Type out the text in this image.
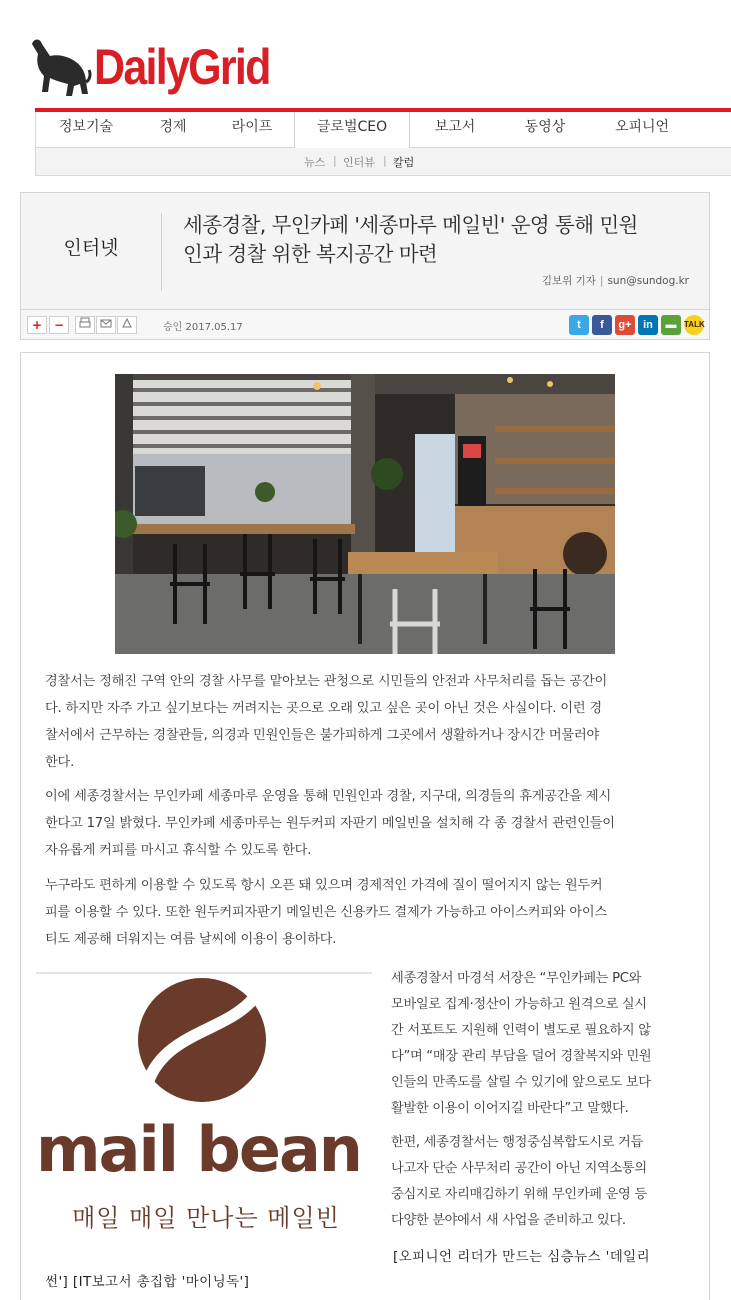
DailyGrid
정보기술	경제	라이프	글로벌CEO	보고서	동영상	오피니언
뉴스 | 인터뷰 | 칼럼
인터넷
세종경찰, 무인카페 '세종마루 메일빈' 운영 통해 민원
인과 경찰 위한 복지공간 마련
김보위 기자 | sun@sundog.kr
+ −	승인 2017.05.17	t	f	g+	in	▬ TALK
경찰서는 정해진 구역 안의 경찰 사무를 맡아보는 관청으로 시민들의 안전과 사무처리를 돕는 공간이
다. 하지만 자주 가고 싶기보다는 꺼려지는 곳으로 오래 있고 싶은 곳이 아닌 것은 사실이다. 이런 경
찰서에서 근무하는 경찰관들, 의경과 민원인들은 불가피하게 그곳에서 생활하거나 장시간 머물러야
한다.
이에 세종경찰서는 무인카페 세종마루 운영을 통해 민원인과 경찰, 지구대, 의경들의 휴게공간을 제시
한다고 17일 밝혔다. 무인카페 세종마루는 원두커피 자판기 메일빈을 설치해 각 종 경찰서 관련인들이
자유롭게 커피를 마시고 휴식할 수 있도록 한다.
누구라도 편하게 이용할 수 있도록 항시 오픈 돼 있으며 경제적인 가격에 질이 떨어지지 않는 원두커
피를 이용할 수 있다. 또한 원두커피자판기 메일빈은 신용카드 결제가 가능하고 아이스커피와 아이스
티도 제공해 더워지는 여름 날씨에 이용이 용이하다.
mail bean
매일 매일 만나는 메일빈
세종경찰서 마경석 서장은 “무인카페는 PC와
모바일로 집계·정산이 가능하고 원격으로 실시
간 서포트도 지원해 인력이 별도로 필요하지 않
다”며 “매장 관리 부담을 덜어 경찰복지와 민원
인들의 만족도를 살릴 수 있기에 앞으로도 보다
활발한 이용이 이어지길 바란다”고 말했다.
한편, 세종경찰서는 행정중심복합도시로 거듭
나고자 단순 사무처리 공간이 아닌 지역소통의
중심지로 자리매김하기 위해 무인카페 운영 등
다양한 분야에서 새 사업을 준비하고 있다.
[오피니언 리더가 만드는 심층뉴스 '데일리
썬'] [IT보고서 총집합 '마이닝독']
